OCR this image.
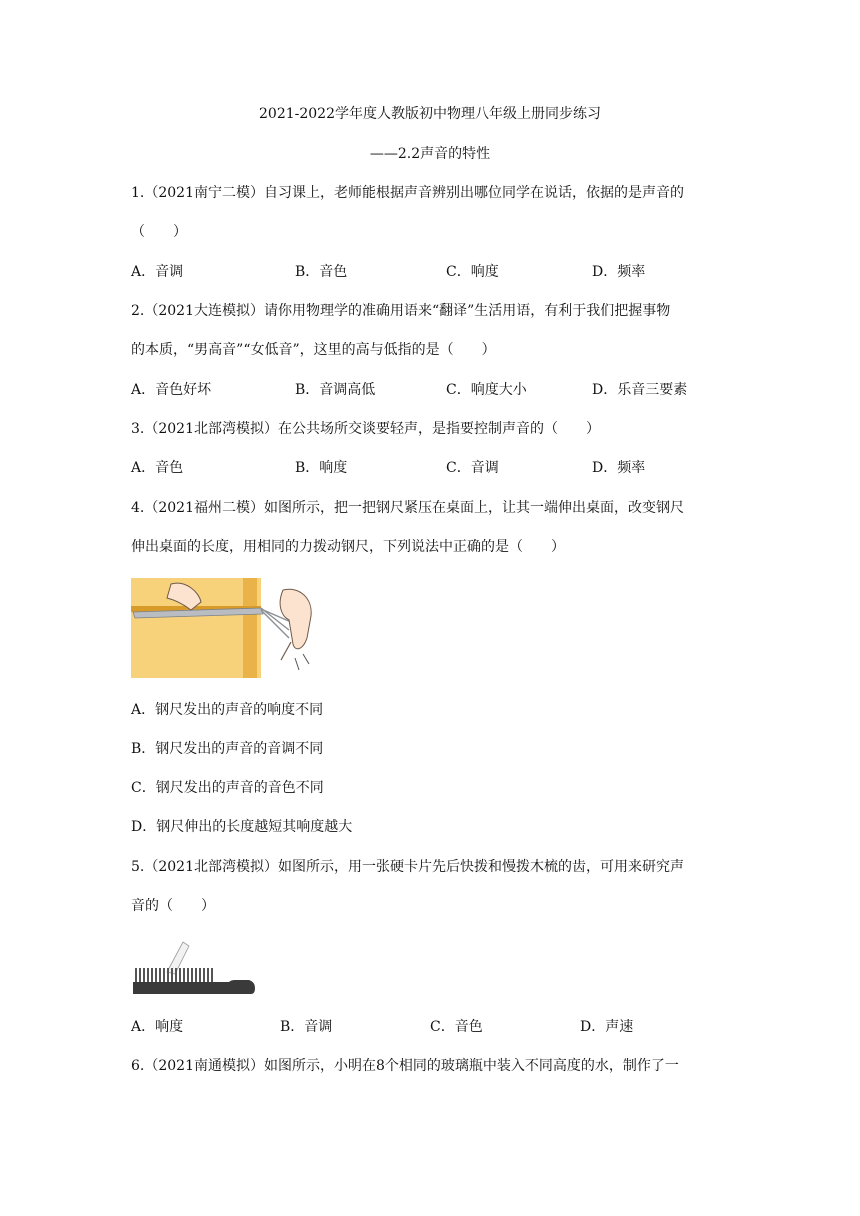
2021-2022学年度人教版初中物理八年级上册同步练习
——2.2声音的特性
1.（2021南宁二模）自习课上，老师能根据声音辨别出哪位同学在说话，依据的是声音的
（　　）
A．音调	B．音色	C．响度	D．频率
2.（2021大连模拟）请你用物理学的准确用语来“翻译”生活用语，有利于我们把握事物
的本质，“男高音”“女低音”，这里的高与低指的是（　　）
A．音色好坏	B．音调高低	C．响度大小	D．乐音三要素
3.（2021北部湾模拟）在公共场所交谈要轻声，是指要控制声音的（　　）
A．音色	B．响度	C．音调	D．频率
4.（2021福州二模）如图所示，把一把钢尺紧压在桌面上，让其一端伸出桌面，改变钢尺
伸出桌面的长度，用相同的力拨动钢尺，下列说法中正确的是（　　）
A．钢尺发出的声音的响度不同
B．钢尺发出的声音的音调不同
C．钢尺发出的声音的音色不同
D．钢尺伸出的长度越短其响度越大
5.（2021北部湾模拟）如图所示，用一张硬卡片先后快拨和慢拨木梳的齿，可用来研究声
音的（　　）
A．响度	B．音调	C．音色	D．声速
6.（2021南通模拟）如图所示，小明在8个相同的玻璃瓶中装入不同高度的水，制作了一
